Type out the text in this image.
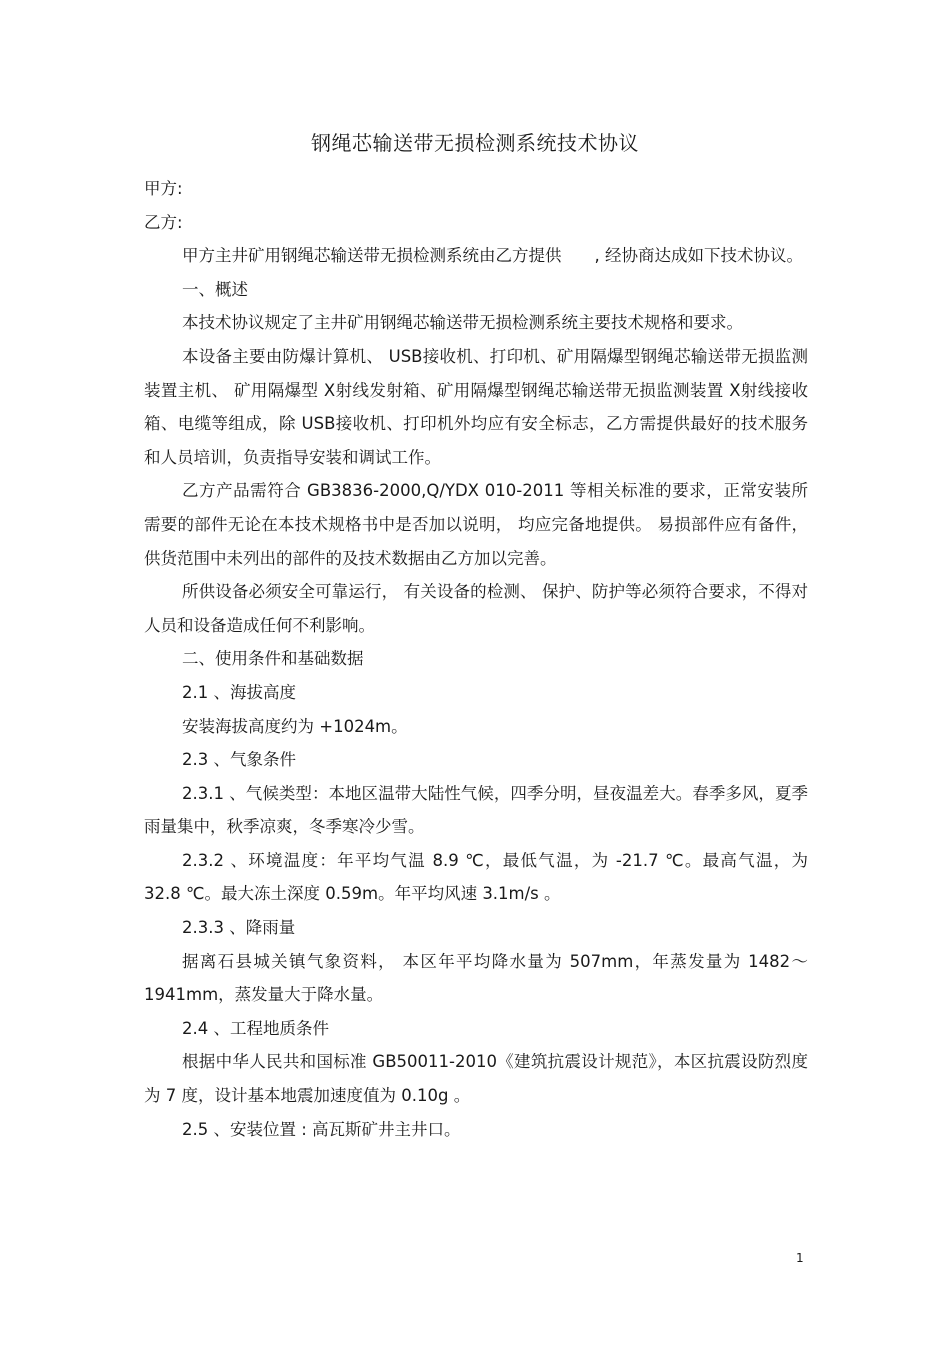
钢绳芯输送带无损检测系统技术协议

甲方:

乙方:

甲方主井矿用钢绳芯输送带无损检测系统由乙方提供　　, 经协商达成如下技术协议。

一、概述

本技术协议规定了主井矿用钢绳芯输送带无损检测系统主要技术规格和要求。

本设备主要由防爆计算机、 USB接收机、打印机、矿用隔爆型钢绳芯输送带无损监测装置主机、 矿用隔爆型 X射线发射箱、矿用隔爆型钢绳芯输送带无损监测装置 X射线接收箱、电缆等组成，除 USB接收机、打印机外均应有安全标志，乙方需提供最好的技术服务和人员培训，负责指导安装和调试工作。

乙方产品需符合 GB3836-2000,Q/YDX 010-2011 等相关标准的要求，正常安装所需要的部件无论在本技术规格书中是否加以说明， 均应完备地提供。 易损部件应有备件，供货范围中未列出的部件的及技术数据由乙方加以完善。

所供设备必须安全可靠运行， 有关设备的检测、 保护、防护等必须符合要求，不得对人员和设备造成任何不利影响。

二、使用条件和基础数据

2.1 、海拔高度

安装海拔高度约为 +1024m。

2.3 、气象条件

2.3.1 、气候类型：本地区温带大陆性气候，四季分明，昼夜温差大。春季多风，夏季雨量集中，秋季凉爽，冬季寒冷少雪。

2.3.2 、环境温度：年平均气温 8.9 ℃，最低气温，为 -21.7 ℃。最高气温，为 32.8 ℃。最大冻土深度 0.59m。年平均风速 3.1m/s 。

2.3.3 、降雨量

据离石县城关镇气象资料， 本区年平均降水量为 507mm，年蒸发量为 1482～1941mm，蒸发量大于降水量。

2.4 、工程地质条件

根据中华人民共和国标准 GB50011-2010《建筑抗震设计规范》，本区抗震设防烈度为 7 度，设计基本地震加速度值为 0.10g 。

2.5 、安装位置 : 高瓦斯矿井主井口。

1
